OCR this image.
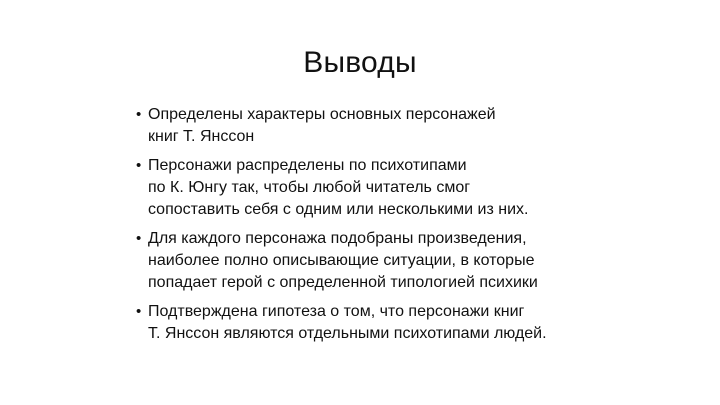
Выводы
• Определены характеры основных персонажей
книг Т. Янссон
• Персонажи распределены по психотипами
по К. Юнгу так, чтобы любой читатель смог
сопоставить себя с одним или несколькими из них.
• Для каждого персонажа подобраны произведения,
наиболее полно описывающие ситуации, в которые
попадает герой с определенной типологией психики
• Подтверждена гипотеза о том, что персонажи книг
Т. Янссон являются отдельными психотипами людей.
